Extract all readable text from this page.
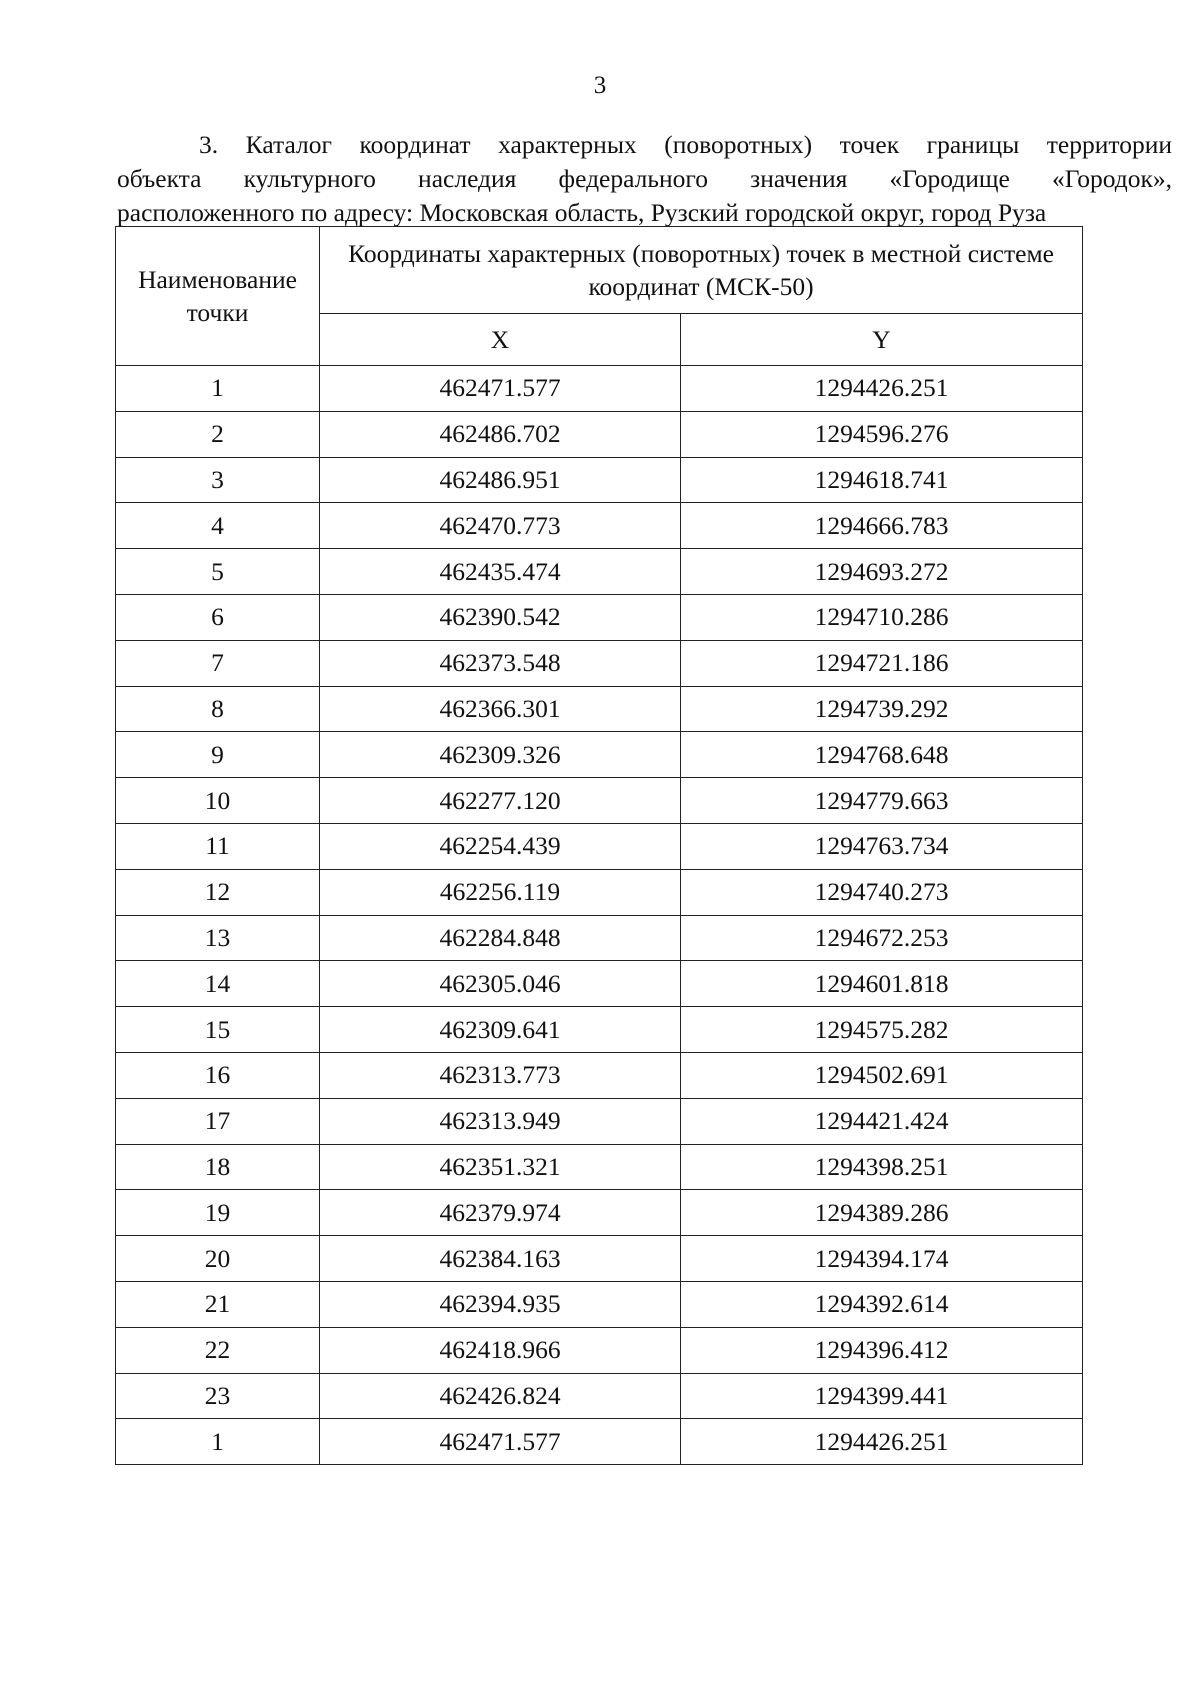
3
3. Каталог координат характерных (поворотных) точек границы территории
объекта культурного наследия федерального значения «Городище «Городок»,
расположенного по адресу: Московская область, Рузский городской округ, город Руза
Наименование точки	Координаты характерных (поворотных) точек в местной системе координат (МСК-50)	
	X	Y
1	462471.577	1294426.251
2	462486.702	1294596.276
3	462486.951	1294618.741
4	462470.773	1294666.783
5	462435.474	1294693.272
6	462390.542	1294710.286
7	462373.548	1294721.186
8	462366.301	1294739.292
9	462309.326	1294768.648
10	462277.120	1294779.663
11	462254.439	1294763.734
12	462256.119	1294740.273
13	462284.848	1294672.253
14	462305.046	1294601.818
15	462309.641	1294575.282
16	462313.773	1294502.691
17	462313.949	1294421.424
18	462351.321	1294398.251
19	462379.974	1294389.286
20	462384.163	1294394.174
21	462394.935	1294392.614
22	462418.966	1294396.412
23	462426.824	1294399.441
1	462471.577	1294426.251
